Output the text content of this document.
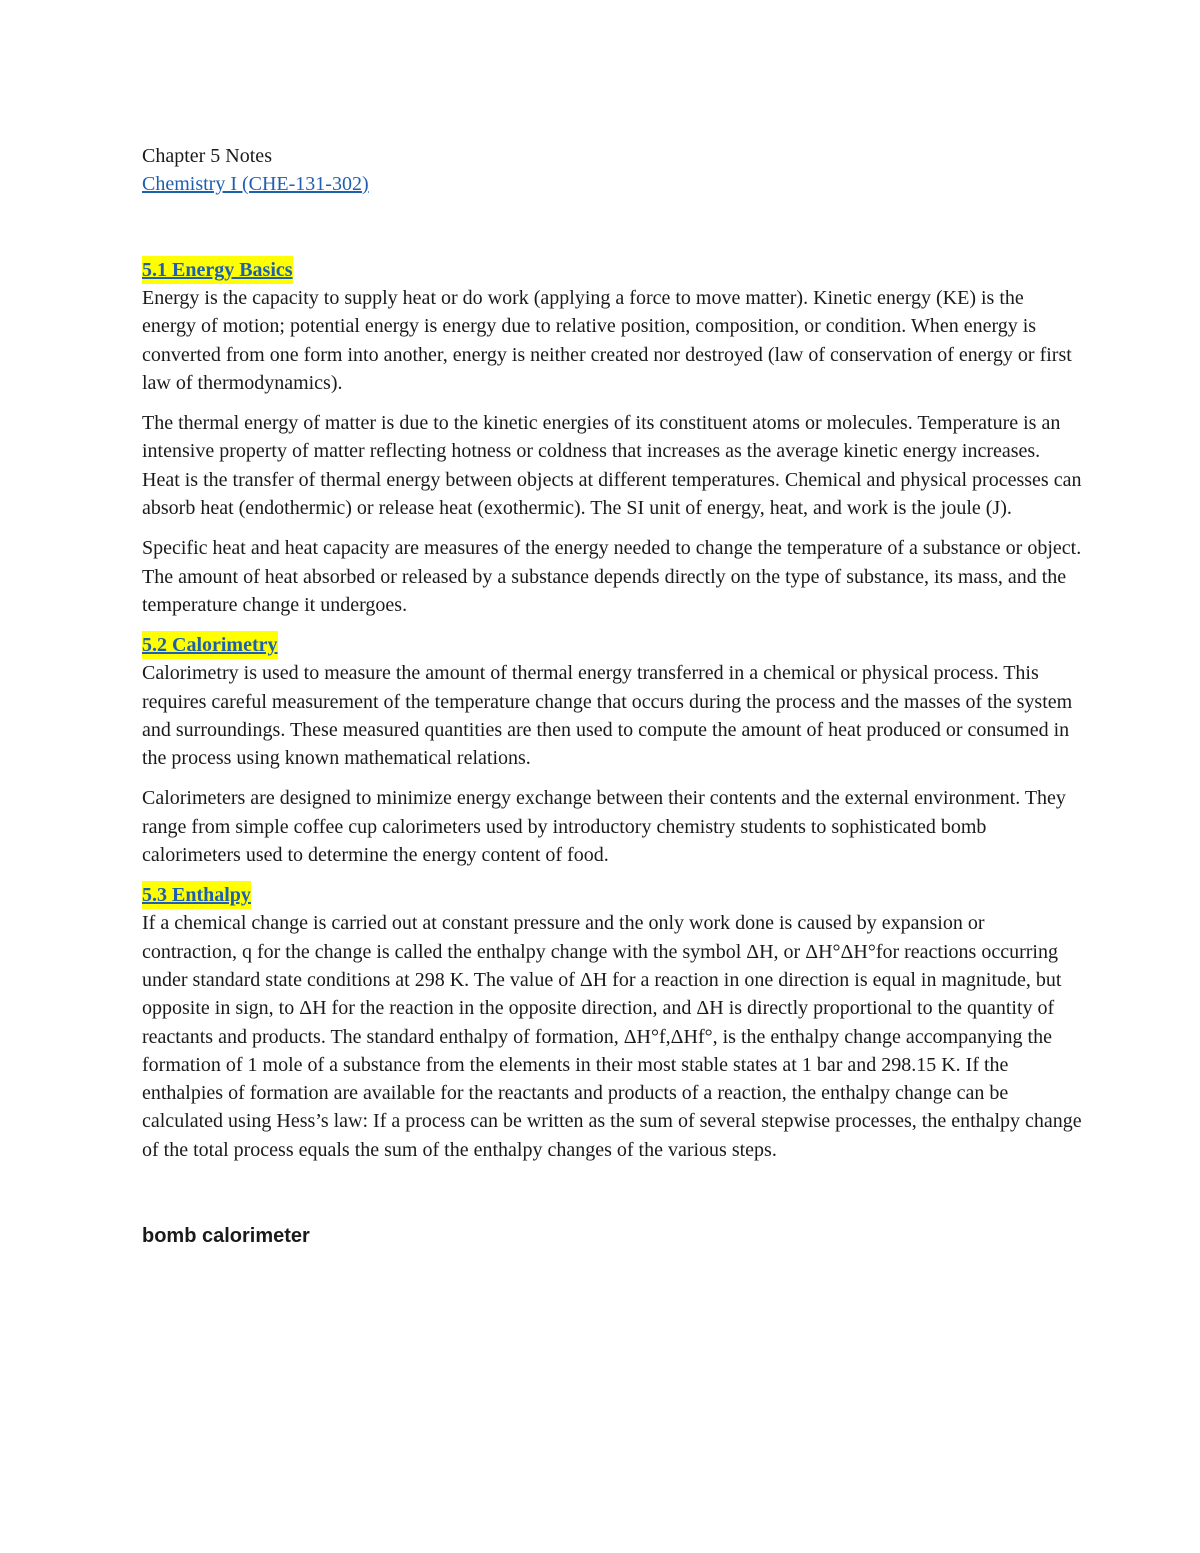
Chapter 5 Notes
Chemistry I (CHE-131-302)
5.1 Energy Basics

Energy is the capacity to supply heat or do work (applying a force to move matter). Kinetic energy (KE) is the energy of motion; potential energy is energy due to relative position, composition, or condition. When energy is converted from one form into another, energy is neither created nor destroyed (law of conservation of energy or first law of thermodynamics).

The thermal energy of matter is due to the kinetic energies of its constituent atoms or molecules. Temperature is an intensive property of matter reflecting hotness or coldness that increases as the average kinetic energy increases. Heat is the transfer of thermal energy between objects at different temperatures. Chemical and physical processes can absorb heat (endothermic) or release heat (exothermic). The SI unit of energy, heat, and work is the joule (J).

Specific heat and heat capacity are measures of the energy needed to change the temperature of a substance or object. The amount of heat absorbed or released by a substance depends directly on the type of substance, its mass, and the temperature change it undergoes.

5.2 Calorimetry

Calorimetry is used to measure the amount of thermal energy transferred in a chemical or physical process. This requires careful measurement of the temperature change that occurs during the process and the masses of the system and surroundings. These measured quantities are then used to compute the amount of heat produced or consumed in the process using known mathematical relations.

Calorimeters are designed to minimize energy exchange between their contents and the external environment. They range from simple coffee cup calorimeters used by introductory chemistry students to sophisticated bomb calorimeters used to determine the energy content of food.

5.3 Enthalpy

If a chemical change is carried out at constant pressure and the only work done is caused by expansion or contraction, q for the change is called the enthalpy change with the symbol ΔH, or ΔH°ΔH°for reactions occurring under standard state conditions at 298 K. The value of ΔH for a reaction in one direction is equal in magnitude, but opposite in sign, to ΔH for the reaction in the opposite direction, and ΔH is directly proportional to the quantity of reactants and products. The standard enthalpy of formation, ΔH°f,ΔHf°, is the enthalpy change accompanying the formation of 1 mole of a substance from the elements in their most stable states at 1 bar and 298.15 K. If the enthalpies of formation are available for the reactants and products of a reaction, the enthalpy change can be calculated using Hess’s law: If a process can be written as the sum of several stepwise processes, the enthalpy change of the total process equals the sum of the enthalpy changes of the various steps.

bomb calorimeter
